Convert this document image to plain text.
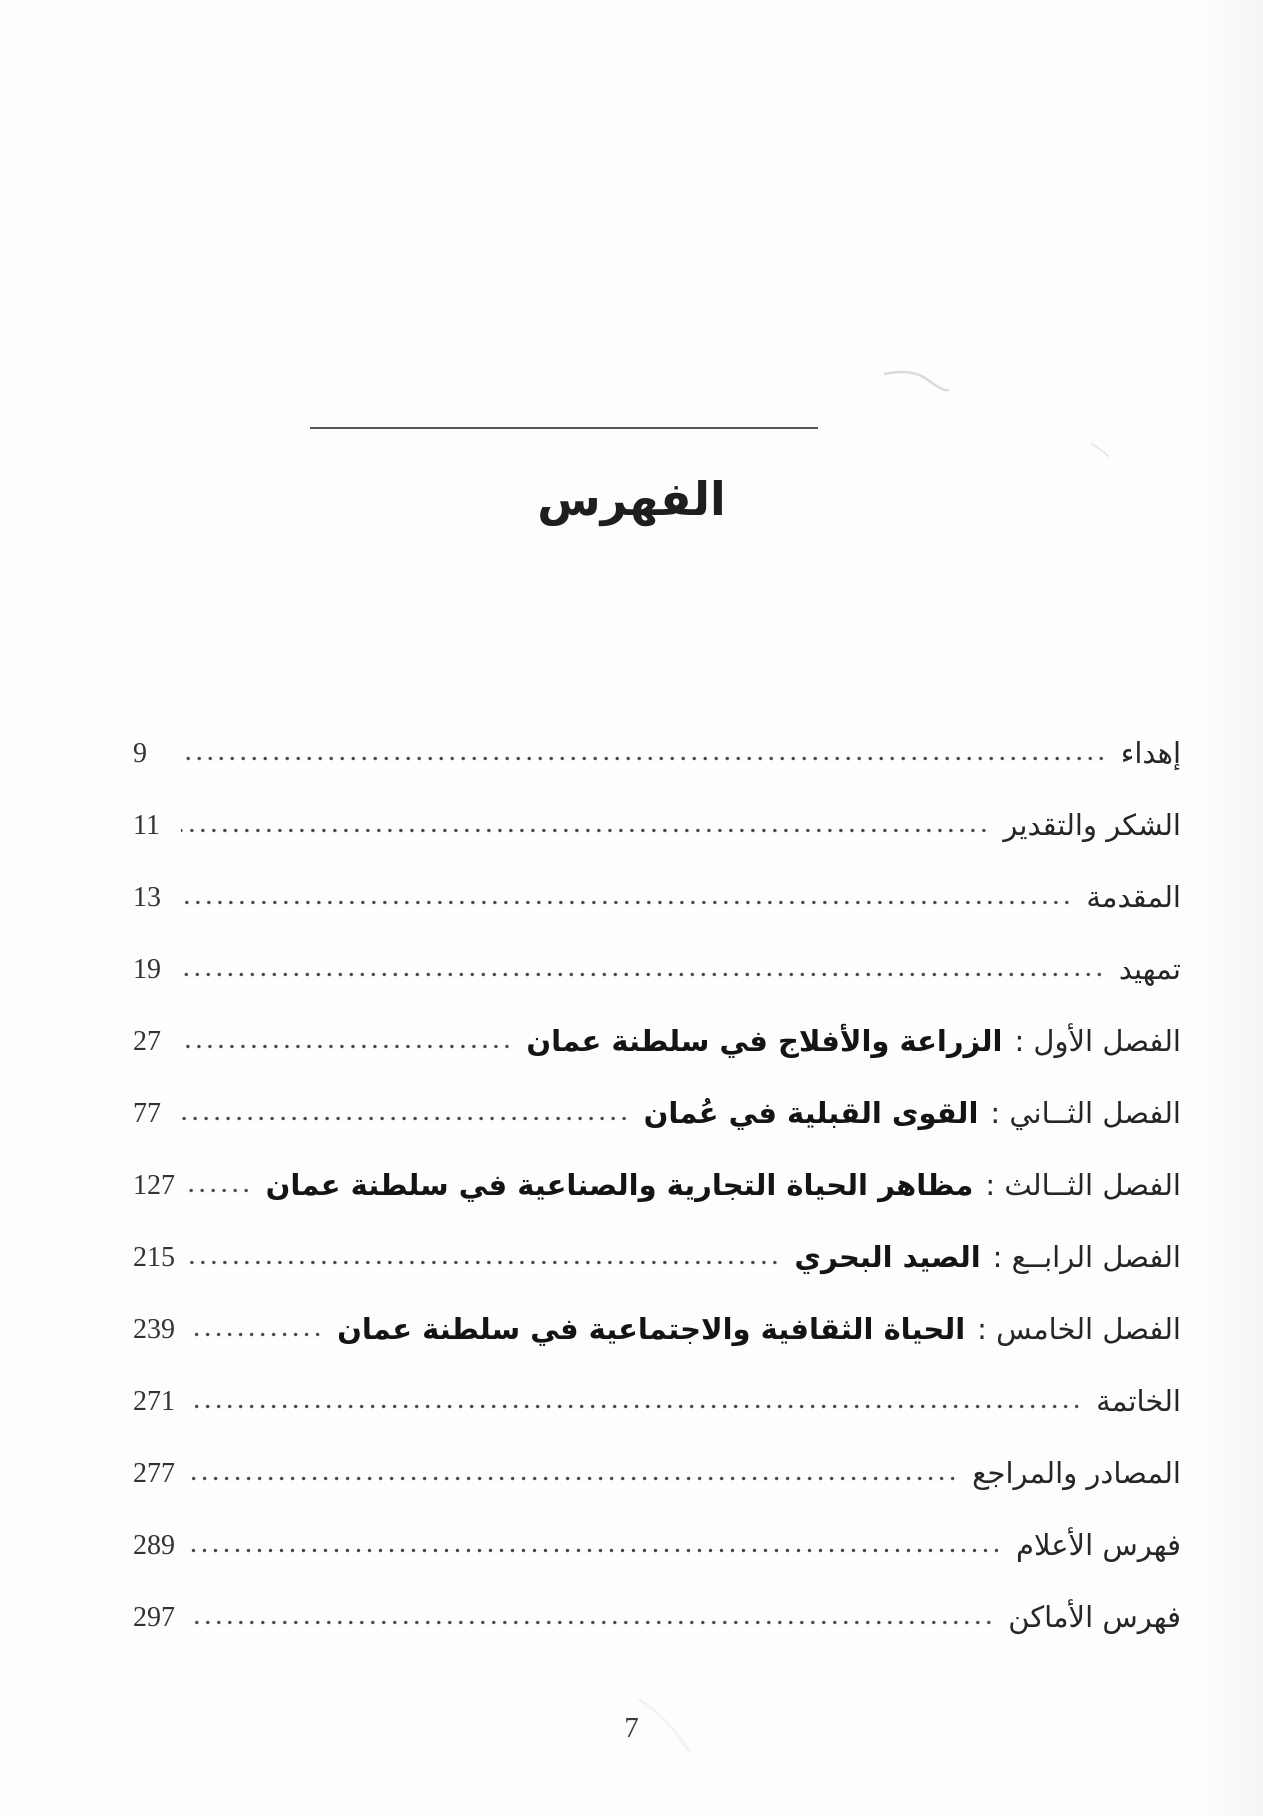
الفهرس
إهداء
9
الشكر والتقدير
11
المقدمة
13
تمهيد
19
الفصل الأول :
الزراعة والأفلاج في سلطنة عمان
27
الفصل الثــاني :
القوى القبلية في عُمان
77
الفصل الثــالث :
مظاهر الحياة التجارية والصناعية في سلطنة عمان
127
الفصل الرابــع :
الصيد البحري
215
الفصل الخامس :
الحياة الثقافية والاجتماعية في سلطنة عمان
239
الخاتمة
271
المصادر والمراجع
277
فهرس الأعلام
289
فهرس الأماكن
297
7
